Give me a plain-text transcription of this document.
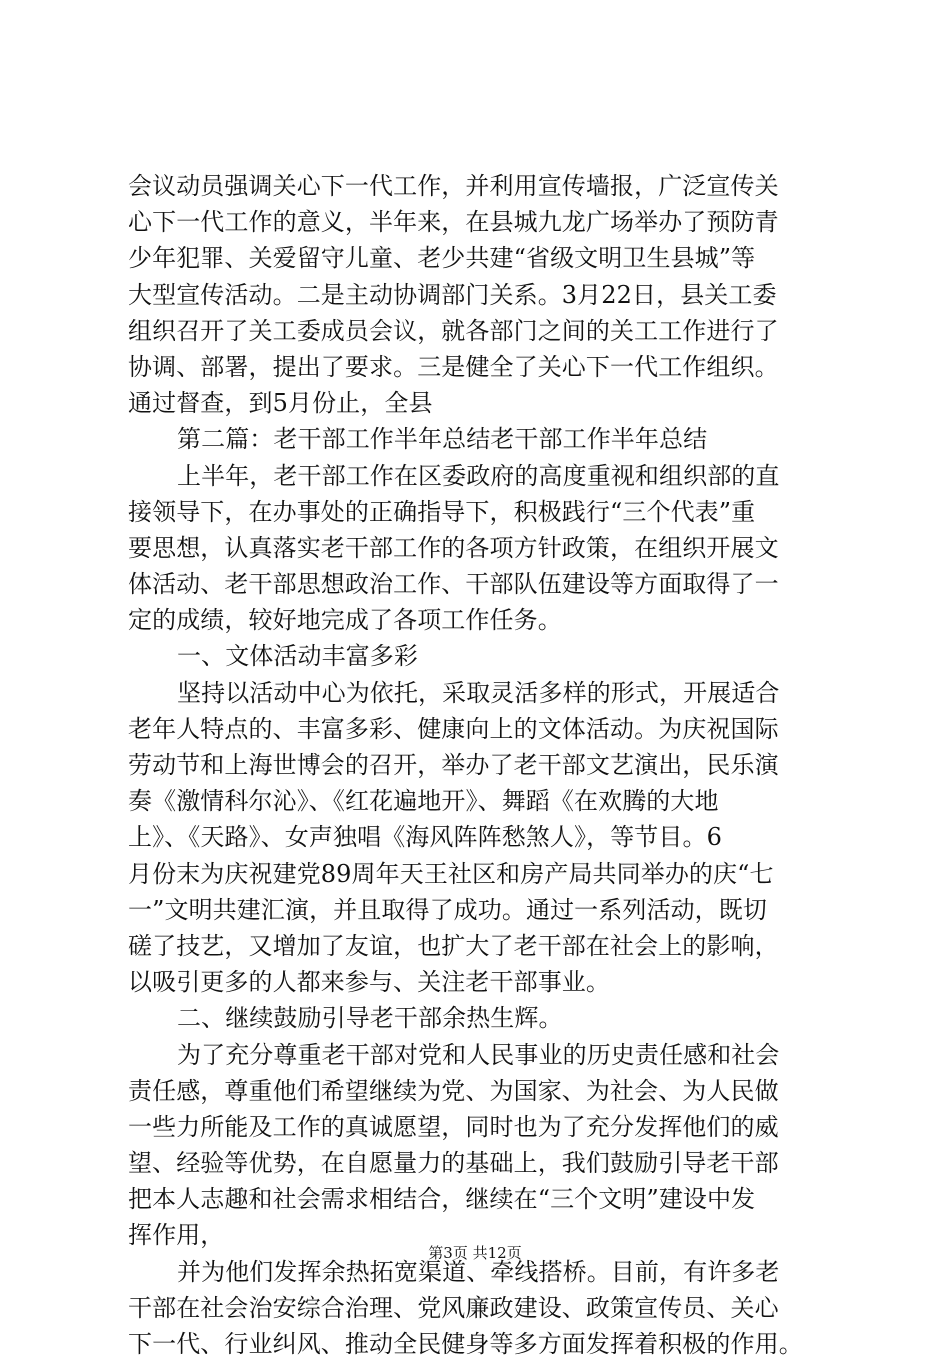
会议动员强调关心下一代工作，并利用宣传墙报，广泛宣传关
心下一代工作的意义，半年来，在县城九龙广场举办了预防青
少年犯罪、关爱留守儿童、老少共建“省级文明卫生县城”等
大型宣传活动。二是主动协调部门关系。3月22日，县关工委
组织召开了关工委成员会议，就各部门之间的关工工作进行了
协调、部署，提出了要求。三是健全了关心下一代工作组织。
通过督查，到5月份止，全县
第二篇：老干部工作半年总结老干部工作半年总结
上半年，老干部工作在区委政府的高度重视和组织部的直
接领导下，在办事处的正确指导下，积极践行“三个代表”重
要思想，认真落实老干部工作的各项方针政策，在组织开展文
体活动、老干部思想政治工作、干部队伍建设等方面取得了一
定的成绩，较好地完成了各项工作任务。
一、文体活动丰富多彩
坚持以活动中心为依托，采取灵活多样的形式，开展适合
老年人特点的、丰富多彩、健康向上的文体活动。为庆祝国际
劳动节和上海世博会的召开，举办了老干部文艺演出，民乐演
奏《激情科尔沁》、《红花遍地开》、舞蹈《在欢腾的大地
上》、《天路》、女声独唱《海风阵阵愁煞人》，等节目。6
月份末为庆祝建党89周年天王社区和房产局共同举办的庆“七
一”文明共建汇演，并且取得了成功。通过一系列活动，既切
磋了技艺，又增加了友谊，也扩大了老干部在社会上的影响，
以吸引更多的人都来参与、关注老干部事业。
二、继续鼓励引导老干部余热生辉。
为了充分尊重老干部对党和人民事业的历史责任感和社会
责任感，尊重他们希望继续为党、为国家、为社会、为人民做
一些力所能及工作的真诚愿望，同时也为了充分发挥他们的威
望、经验等优势，在自愿量力的基础上，我们鼓励引导老干部
把本人志趣和社会需求相结合，继续在“三个文明”建设中发
挥作用，
并为他们发挥余热拓宽渠道、牵线搭桥。目前，有许多老
干部在社会治安综合治理、党风廉政建设、政策宣传员、关心
下一代、行业纠风、推动全民健身等多方面发挥着积极的作用。
第3页 共12页
